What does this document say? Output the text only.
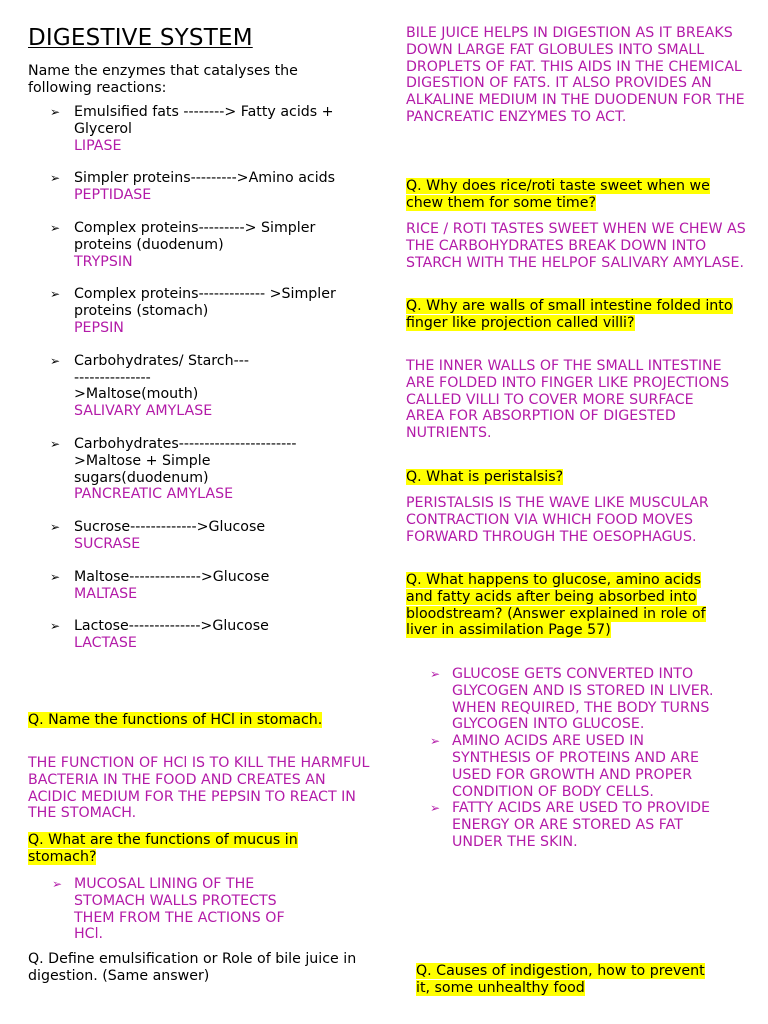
DIGESTIVE SYSTEM
Name the enzymes that catalyses the following reactions:
➢ Emulsified fats --------> Fatty acids + Glycerol
LIPASE
➢ Simpler proteins--------->Amino acids
PEPTIDASE
➢ Complex proteins---------> Simpler proteins (duodenum)
TRYPSIN
➢ Complex proteins------------- >Simpler proteins (stomach)
PEPSIN
➢ Carbohydrates/ Starch------------------ >Maltose(mouth)
SALIVARY AMYLASE
➢ Carbohydrates----------------------- >Maltose + Simple sugars(duodenum)
PANCREATIC AMYLASE
➢ Sucrose------------->Glucose
SUCRASE
➢ Maltose-------------->Glucose
MALTASE
➢ Lactose-------------->Glucose
LACTASE
Q. Name the functions of HCl in stomach.
THE FUNCTION OF HCl IS TO KILL THE HARMFUL BACTERIA IN THE FOOD AND CREATES AN ACIDIC MEDIUM FOR THE PEPSIN TO REACT IN THE STOMACH.
Q. What are the functions of mucus in stomach?
➢ MUCOSAL LINING OF THE STOMACH WALLS PROTECTS THEM FROM THE ACTIONS OF HCl.
Q. Define emulsification or Role of bile juice in digestion. (Same answer)
BILE JUICE HELPS IN DIGESTION AS IT BREAKS DOWN LARGE FAT GLOBULES INTO SMALL DROPLETS OF FAT. THIS AIDS IN THE CHEMICAL DIGESTION OF FATS. IT ALSO PROVIDES AN ALKALINE MEDIUM IN THE DUODENUN FOR THE PANCREATIC ENZYMES TO ACT.
Q. Why does rice/roti taste sweet when we chew them for some time?
RICE / ROTI TASTES SWEET WHEN WE CHEW AS THE CARBOHYDRATES BREAK DOWN INTO STARCH WITH THE HELPOF SALIVARY AMYLASE.
Q. Why are walls of small intestine folded into finger like projection called villi?
THE INNER WALLS OF THE SMALL INTESTINE ARE FOLDED INTO FINGER LIKE PROJECTIONS CALLED VILLI TO COVER MORE SURFACE AREA FOR ABSORPTION OF DIGESTED NUTRIENTS.
Q. What is peristalsis?
PERISTALSIS IS THE WAVE LIKE MUSCULAR CONTRACTION VIA WHICH FOOD MOVES FORWARD THROUGH THE OESOPHAGUS.
Q. What happens to glucose, amino acids and fatty acids after being absorbed into bloodstream? (Answer explained in role of liver in assimilation Page 57)
➢ GLUCOSE GETS CONVERTED INTO GLYCOGEN AND IS STORED IN LIVER. WHEN REQUIRED, THE BODY TURNS GLYCOGEN INTO GLUCOSE.
➢ AMINO ACIDS ARE USED IN SYNTHESIS OF PROTEINS AND ARE USED FOR GROWTH AND PROPER CONDITION OF BODY CELLS.
➢ FATTY ACIDS ARE USED TO PROVIDE ENERGY OR ARE STORED AS FAT UNDER THE SKIN.
Q. Causes of indigestion, how to prevent it, some unhealthy food
